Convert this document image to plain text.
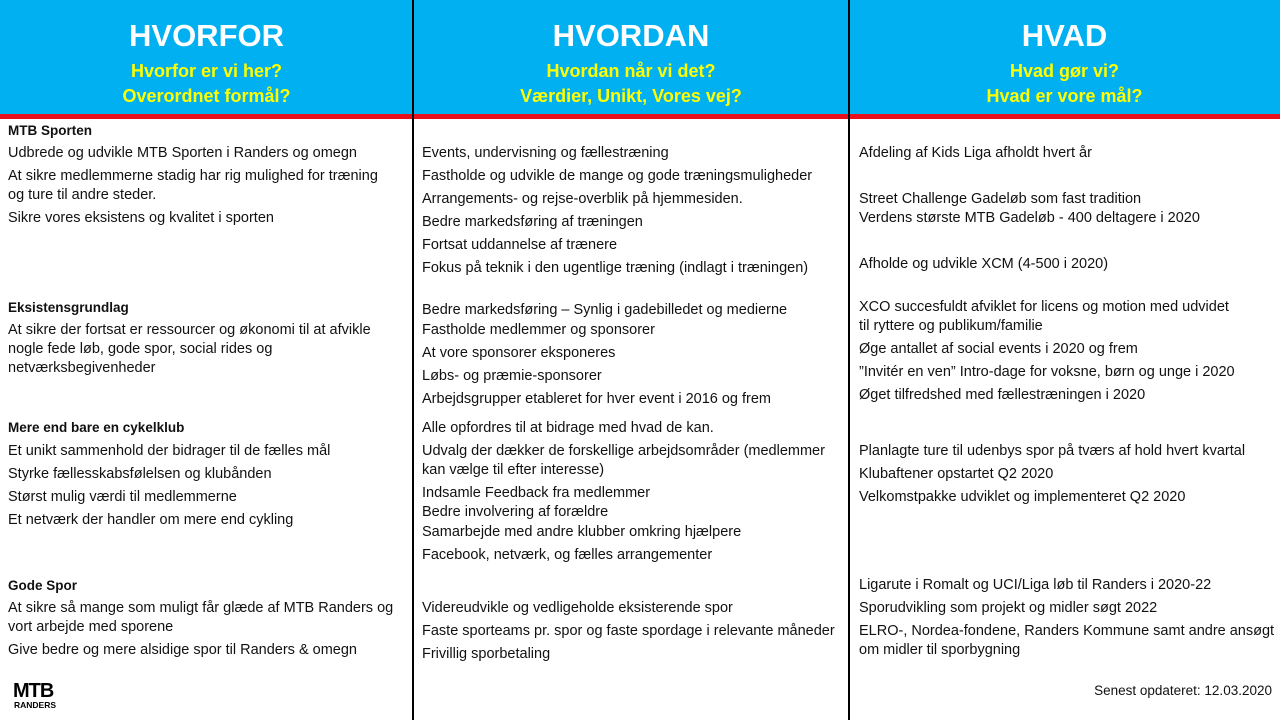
HVORFOR
Hvorfor er vi her?
Overordnet formål?
HVORDAN
Hvordan når vi det?
Værdier, Unikt, Vores vej?
HVAD
Hvad gør vi?
Hvad er vore mål?
MTB Sporten
Udbrede og udvikle MTB Sporten i Randers og omegn
At sikre medlemmerne stadig har rig mulighed for træning
og ture til andre steder.
Sikre vores eksistens og kvalitet i sporten
Eksistensgrundlag
At sikre der fortsat er ressourcer og økonomi til at afvikle
nogle fede løb, gode spor, social rides og
netværksbegivenheder
Mere end bare en cykelklub
Et unikt sammenhold der bidrager til de fælles mål
Styrke fællesskabsfølelsen og klubånden
Størst mulig værdi til medlemmerne
Et netværk der handler om mere end cykling
Gode Spor
At sikre så mange som muligt får glæde af MTB Randers og
vort arbejde med sporene
Give bedre og mere alsidige spor til Randers & omegn
Events, undervisning og fællestræning
Fastholde og udvikle de mange og gode træningsmuligheder
Arrangements- og rejse-overblik på hjemmesiden.
Bedre markedsføring af træningen
Fortsat uddannelse af trænere
Fokus på teknik i den ugentlige træning (indlagt i træningen)
Bedre markedsføring – Synlig i gadebilledet og medierne
Fastholde medlemmer og sponsorer
At vore sponsorer eksponeres
Løbs- og præmie-sponsorer
Arbejdsgrupper etableret for hver event i 2016 og frem
Alle opfordres til at bidrage med hvad de kan.
Udvalg der dækker de forskellige arbejdsområder (medlemmer
kan vælge til efter interesse)
Indsamle Feedback fra medlemmer
Bedre involvering af forældre
Samarbejde med andre klubber omkring hjælpere
Facebook, netværk, og fælles arrangementer
Videreudvikle og vedligeholde eksisterende spor
Faste sporteams pr. spor og faste spordage i relevante måneder
Frivillig sporbetaling
Afdeling af Kids Liga afholdt hvert år
Street Challenge Gadeløb som fast tradition
Verdens største MTB Gadeløb - 400 deltagere i 2020
Afholde og udvikle XCM (4-500 i 2020)
XCO succesfuldt afviklet for licens og motion med udvidet
til ryttere og publikum/familie
Øge antallet af social events i 2020 og frem
”Invitér en ven” Intro-dage for voksne, børn og unge i 2020
Øget tilfredshed med fællestræningen i 2020
Planlagte ture til udenbys spor på tværs af hold hvert kvartal
Klubaftener opstartet Q2 2020
Velkomstpakke udviklet og implementeret Q2 2020
Ligarute i Romalt og UCI/Liga løb til Randers i 2020-22
Sporudvikling som projekt og midler søgt 2022
ELRO-, Nordea-fondene, Randers Kommune samt andre ansøgt
om midler til sporbygning
MTB
RANDERS
Senest opdateret: 12.03.2020
